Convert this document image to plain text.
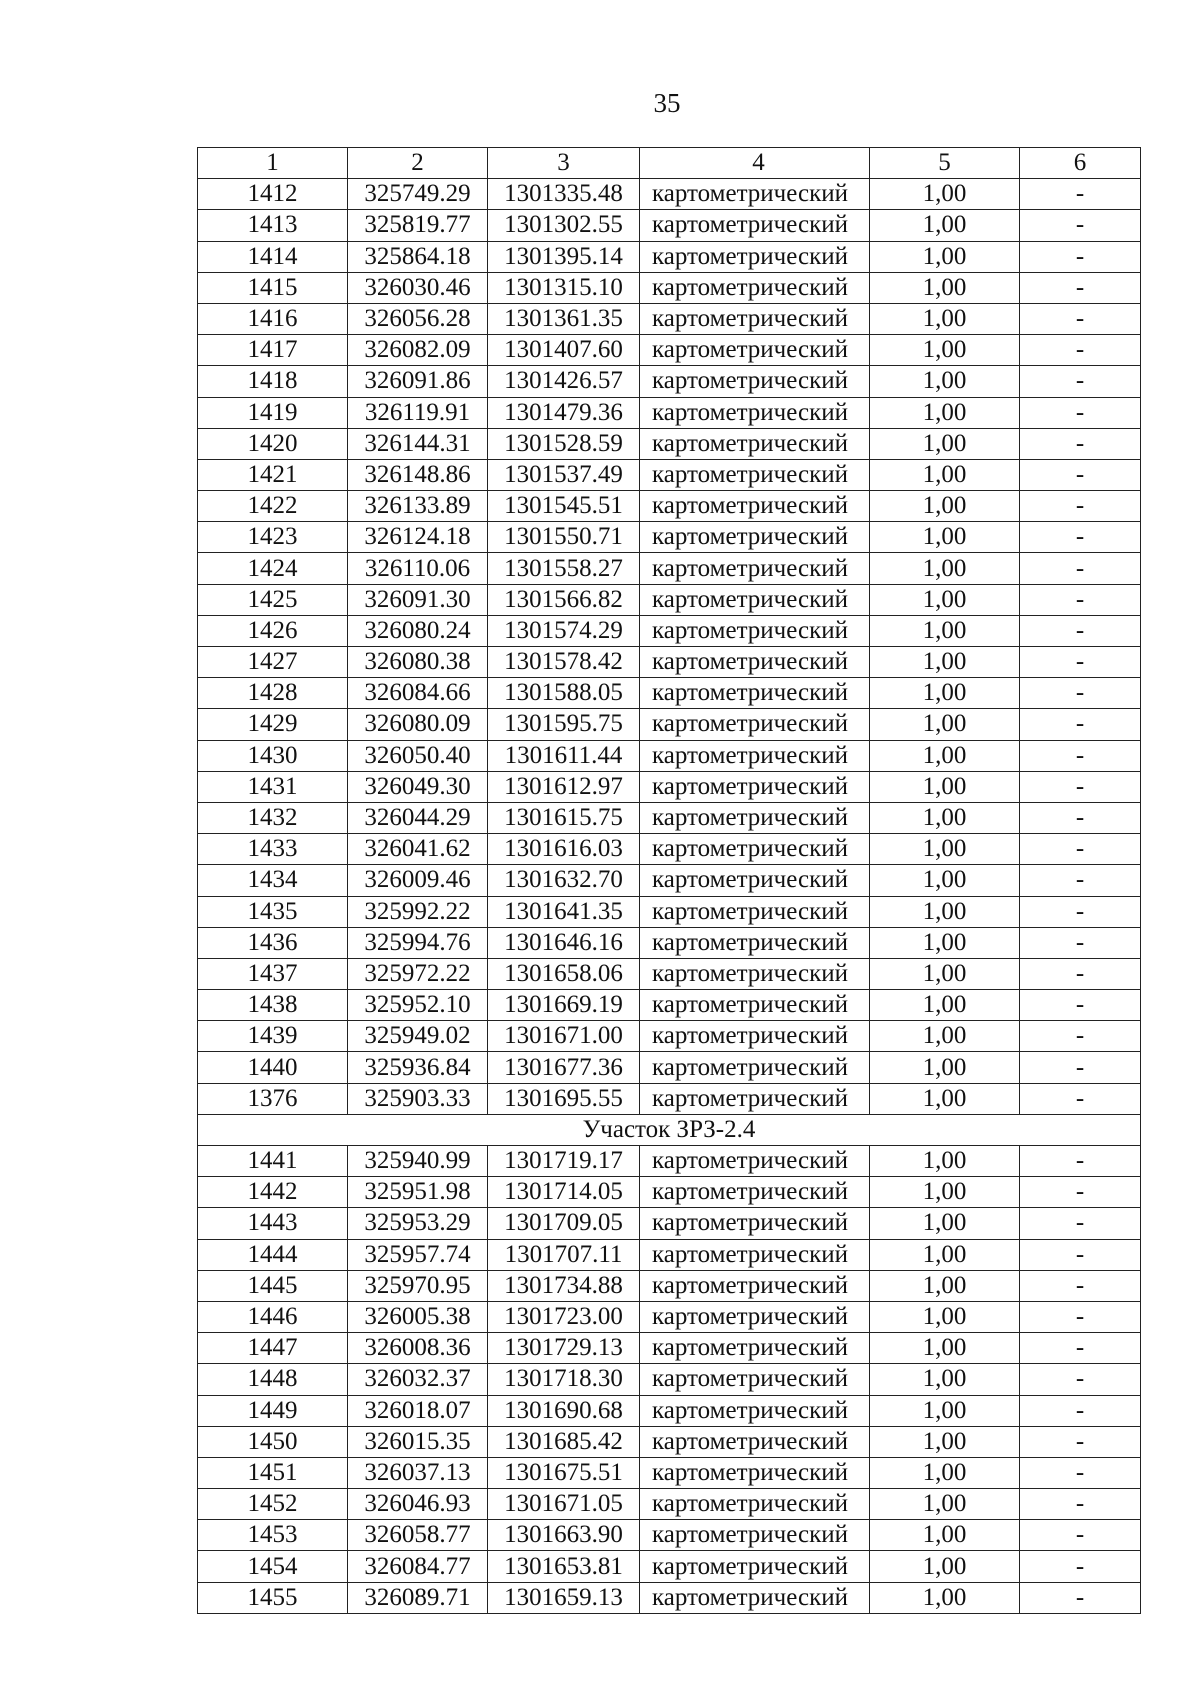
35
1	2	3	4	5	6
1412	325749.29	1301335.48	картометрический	1,00	-
1413	325819.77	1301302.55	картометрический	1,00	-
1414	325864.18	1301395.14	картометрический	1,00	-
1415	326030.46	1301315.10	картометрический	1,00	-
1416	326056.28	1301361.35	картометрический	1,00	-
1417	326082.09	1301407.60	картометрический	1,00	-
1418	326091.86	1301426.57	картометрический	1,00	-
1419	326119.91	1301479.36	картометрический	1,00	-
1420	326144.31	1301528.59	картометрический	1,00	-
1421	326148.86	1301537.49	картометрический	1,00	-
1422	326133.89	1301545.51	картометрический	1,00	-
1423	326124.18	1301550.71	картометрический	1,00	-
1424	326110.06	1301558.27	картометрический	1,00	-
1425	326091.30	1301566.82	картометрический	1,00	-
1426	326080.24	1301574.29	картометрический	1,00	-
1427	326080.38	1301578.42	картометрический	1,00	-
1428	326084.66	1301588.05	картометрический	1,00	-
1429	326080.09	1301595.75	картометрический	1,00	-
1430	326050.40	1301611.44	картометрический	1,00	-
1431	326049.30	1301612.97	картометрический	1,00	-
1432	326044.29	1301615.75	картометрический	1,00	-
1433	326041.62	1301616.03	картометрический	1,00	-
1434	326009.46	1301632.70	картометрический	1,00	-
1435	325992.22	1301641.35	картометрический	1,00	-
1436	325994.76	1301646.16	картометрический	1,00	-
1437	325972.22	1301658.06	картометрический	1,00	-
1438	325952.10	1301669.19	картометрический	1,00	-
1439	325949.02	1301671.00	картометрический	1,00	-
1440	325936.84	1301677.36	картометрический	1,00	-
1376	325903.33	1301695.55	картометрический	1,00	-
Участок ЗРЗ-2.4					
1441	325940.99	1301719.17	картометрический	1,00	-
1442	325951.98	1301714.05	картометрический	1,00	-
1443	325953.29	1301709.05	картометрический	1,00	-
1444	325957.74	1301707.11	картометрический	1,00	-
1445	325970.95	1301734.88	картометрический	1,00	-
1446	326005.38	1301723.00	картометрический	1,00	-
1447	326008.36	1301729.13	картометрический	1,00	-
1448	326032.37	1301718.30	картометрический	1,00	-
1449	326018.07	1301690.68	картометрический	1,00	-
1450	326015.35	1301685.42	картометрический	1,00	-
1451	326037.13	1301675.51	картометрический	1,00	-
1452	326046.93	1301671.05	картометрический	1,00	-
1453	326058.77	1301663.90	картометрический	1,00	-
1454	326084.77	1301653.81	картометрический	1,00	-
1455	326089.71	1301659.13	картометрический	1,00	-
